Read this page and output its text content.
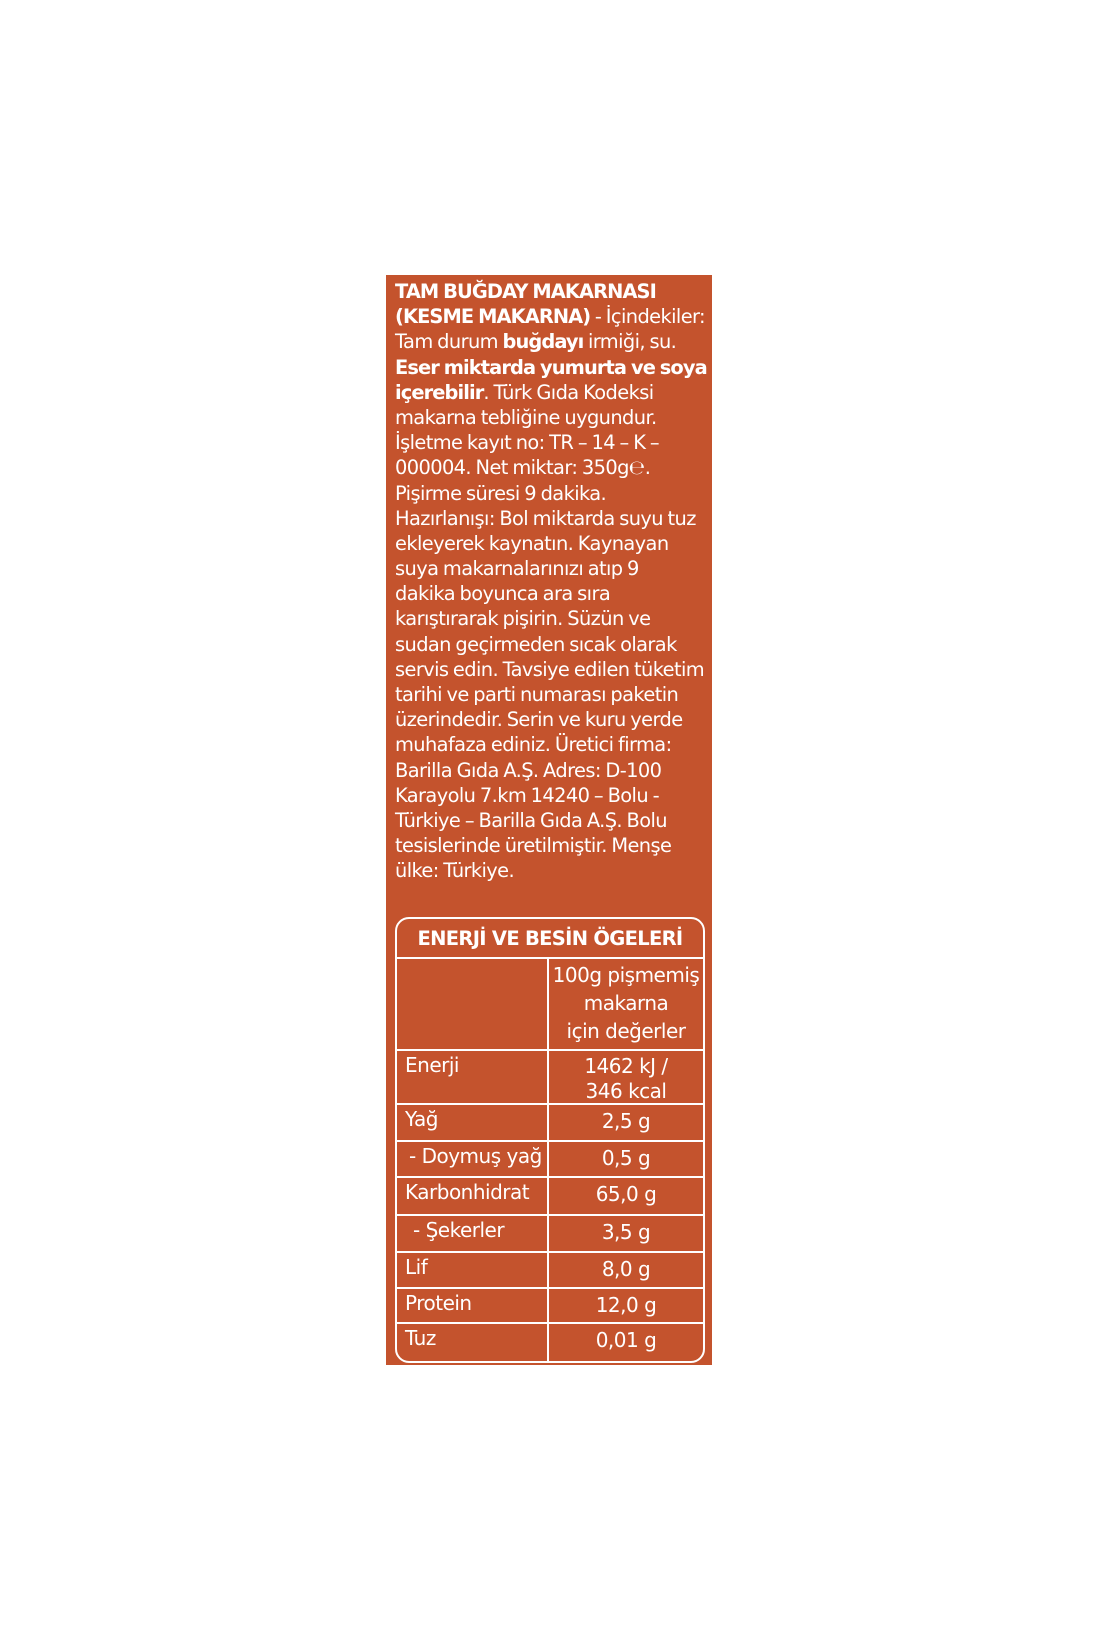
TAM BUĞDAY MAKARNASI
(KESME MAKARNA) - İçindekiler:
Tam durum buğdayı irmiği, su.
Eser miktarda yumurta ve soya
içerebilir. Türk Gıda Kodeksi
makarna tebliğine uygundur.
İşletme kayıt no: TR – 14 – K –
000004. Net miktar: 350g℮.
Pişirme süresi 9 dakika.
Hazırlanışı: Bol miktarda suyu tuz
ekleyerek kaynatın. Kaynayan
suya makarnalarınızı atıp 9
dakika boyunca ara sıra
karıştırarak pişirin. Süzün ve
sudan geçirmeden sıcak olarak
servis edin. Tavsiye edilen tüketim
tarihi ve parti numarası paketin
üzerindedir. Serin ve kuru yerde
muhafaza ediniz. Üretici firma:
Barilla Gıda A.Ş. Adres: D-100
Karayolu 7.km 14240 – Bolu -
Türkiye – Barilla Gıda A.Ş. Bolu
tesislerinde üretilmiştir. Menşe
ülke: Türkiye.
ENERJİ VE BESİN ÖGELERİ
100g pişmemiş
makarna
için değerler
Enerji	1462 kJ /
346 kcal
Yağ	2,5 g
- Doymuş yağ	0,5 g
Karbonhidrat	65,0 g
- Şekerler	3,5 g
Lif	8,0 g
Protein	12,0 g
Tuz	0,01 g
